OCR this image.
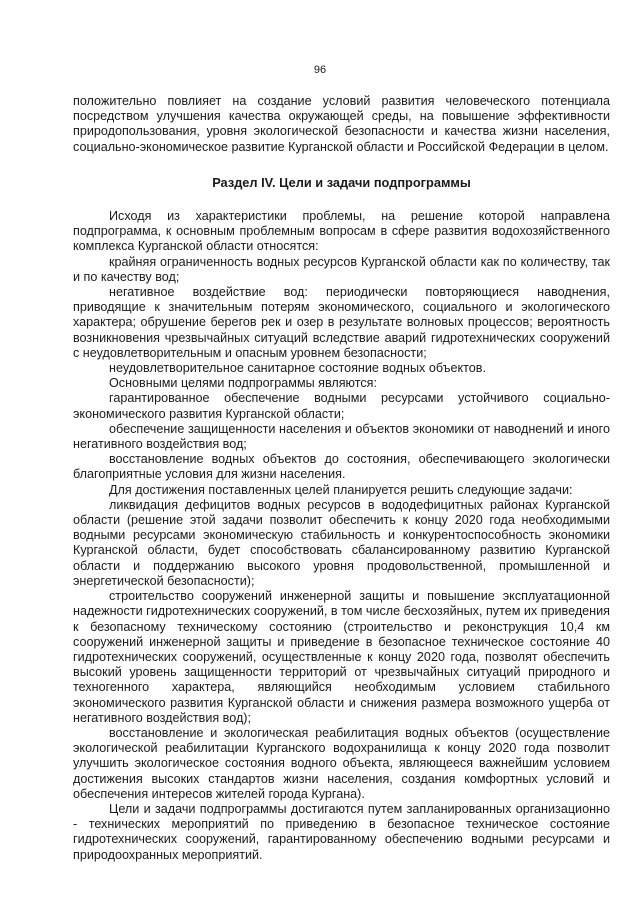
96

положительно повлияет на создание условий развития человеческого потенциала посредством улучшения качества окружающей среды, на повышение эффективности природопользования, уровня экологической безопасности и качества жизни населения, социально-экономическое развитие Курганской области и Российской Федерации в целом.

Раздел IV. Цели и задачи подпрограммы

Исходя из характеристики проблемы, на решение которой направлена подпрограмма, к основным проблемным вопросам в сфере развития водохозяйственного комплекса Курганской области относятся:

крайняя ограниченность водных ресурсов Курганской области как по количеству, так и по качеству вод;

негативное воздействие вод: периодически повторяющиеся наводнения, приводящие к значительным потерям экономического, социального и экологического характера; обрушение берегов рек и озер в результате волновых процессов; вероятность возникновения чрезвычайных ситуаций вследствие аварий гидротехнических сооружений с неудовлетворительным и опасным уровнем безопасности;

неудовлетворительное санитарное состояние водных объектов.

Основными целями подпрограммы являются:

гарантированное обеспечение водными ресурсами устойчивого социально-экономического развития Курганской области;

обеспечение защищенности населения и объектов экономики от наводнений и иного негативного воздействия вод;

восстановление водных объектов до состояния, обеспечивающего экологически благоприятные условия для жизни населения.

Для достижения поставленных целей планируется решить следующие задачи:

ликвидация дефицитов водных ресурсов в вододефицитных районах Курганской области (решение этой задачи позволит обеспечить к концу 2020 года необходимыми водными ресурсами экономическую стабильность и конкурентоспособность экономики Курганской области, будет способствовать сбалансированному развитию Курганской области и поддержанию высокого уровня продовольственной, промышленной и энергетической безопасности);

строительство сооружений инженерной защиты и повышение эксплуатационной надежности гидротехнических сооружений, в том числе бесхозяйных, путем их приведения к безопасному техническому состоянию (строительство и реконструкция 10,4 км сооружений инженерной защиты и приведение в безопасное техническое состояние 40 гидротехнических сооружений, осуществленные к концу 2020 года, позволят обеспечить высокий уровень защищенности территорий от чрезвычайных ситуаций природного и техногенного характера, являющийся необходимым условием стабильного экономического развития Курганской области и снижения размера возможного ущерба от негативного воздействия вод);

восстановление и экологическая реабилитация водных объектов (осуществление экологической реабилитации Курганского водохранилища к концу 2020 года позволит улучшить экологическое состояния водного объекта, являющееся важнейшим условием достижения высоких стандартов жизни населения, создания комфортных условий и обеспечения интересов жителей города Кургана).

Цели и задачи подпрограммы достигаются путем запланированных организационно - технических мероприятий по приведению в безопасное техническое состояние гидротехнических сооружений, гарантированному обеспечению водными ресурсами и природоохранных мероприятий.
